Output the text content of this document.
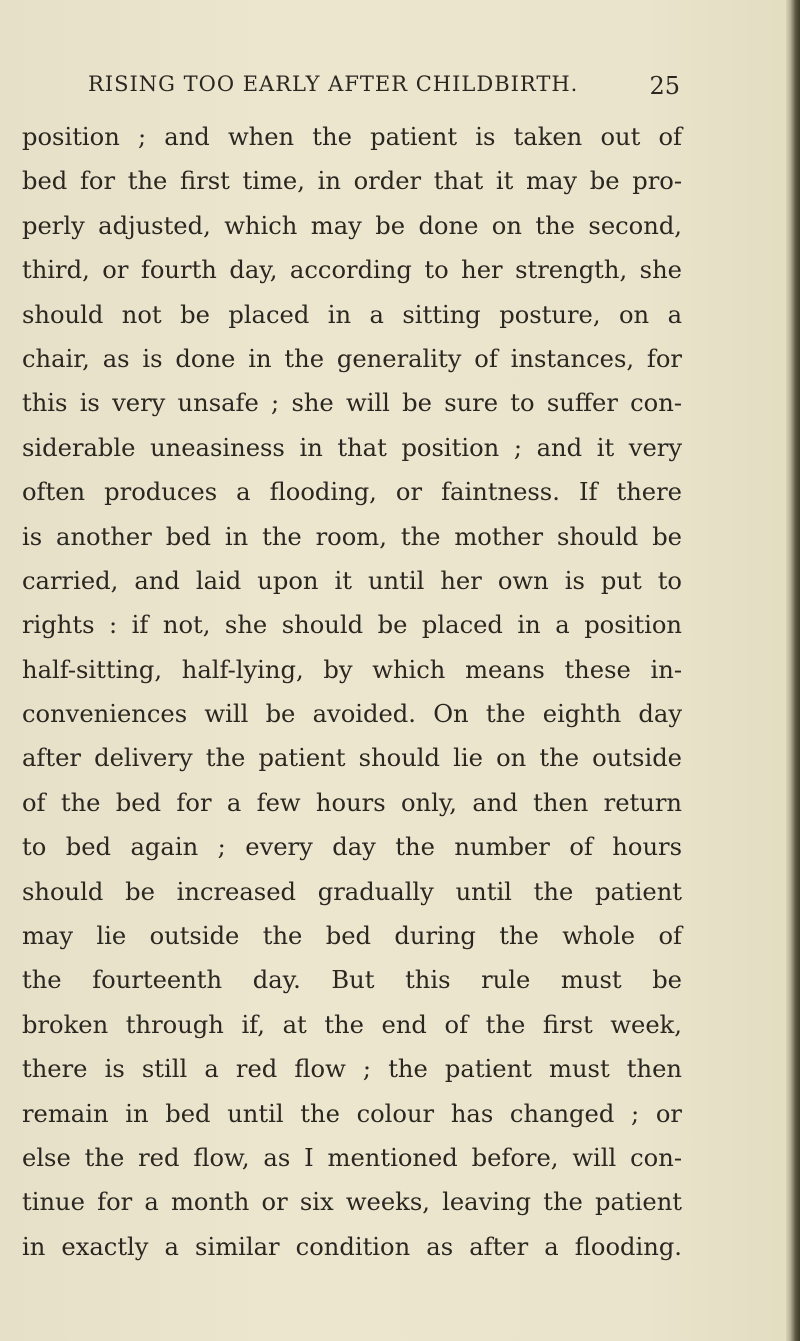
RISING TOO EARLY AFTER CHILDBIRTH.	25
position ; and when the patient is taken out of
bed for the first time, in order that it may be pro-
perly adjusted, which may be done on the second,
third, or fourth day, according to her strength, she
should not be placed in a sitting posture, on a
chair, as is done in the generality of instances, for
this is very unsafe ; she will be sure to suffer con-
siderable uneasiness in that position ; and it very
often produces a flooding, or faintness. If there
is another bed in the room, the mother should be
carried, and laid upon it until her own is put to
rights : if not, she should be placed in a position
half-sitting, half-lying, by which means these in-
conveniences will be avoided. On the eighth day
after delivery the patient should lie on the outside
of the bed for a few hours only, and then return
to bed again ; every day the number of hours
should be increased gradually until the patient
may lie outside the bed during the whole of
the fourteenth day. But this rule must be
broken through if, at the end of the first week,
there is still a red flow ; the patient must then
remain in bed until the colour has changed ; or
else the red flow, as I mentioned before, will con-
tinue for a month or six weeks, leaving the patient
in exactly a similar condition as after a flooding.
